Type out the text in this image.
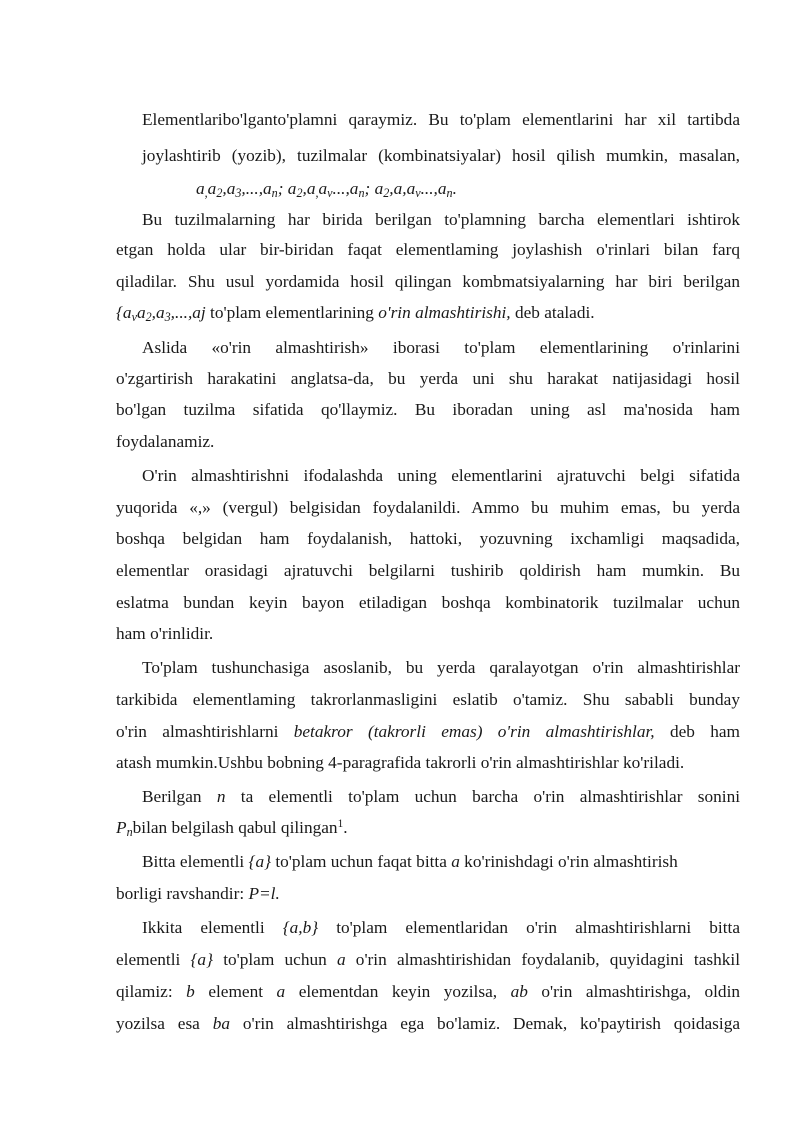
Elementlaribo'lganto'plamni qaraymiz. Bu to'plam elementlarini har xil tartibda
joylashtirib (yozib), tuzilmalar (kombinatsiyalar) hosil qilish mumkin, masalan,
$a_,a_2,a_3,...,a_n$; $a_2,a_,a_v...,a_n$; $a_2,a,a_v...,a_n$.
Bu tuzilmalarning har birida berilgan to'plamning barcha elementlari ishtirok
etgan holda ular bir-biridan faqat elementlaming joylashish o'rinlari bilan farq
qiladilar. Shu usul yordamida hosil qilingan kombmatsiyalarning har biri berilgan
{$a_va_2,a_3,...,aj$ to'plam elementlarining o'rin almashtirishi, deb ataladi.
Aslida «o'rin almashtirish» iborasi to'plam elementlarining o'rinlarini
o'zgartirish harakatini anglatsa-da, bu yerda uni shu harakat natijasidagi hosil
bo'lgan tuzilma sifatida qo'llaymiz. Bu iboradan uning asl ma'nosida ham
foydalanamiz.
O'rin almashtirishni ifodalashda uning elementlarini ajratuvchi belgi sifatida
yuqorida «,» (vergul) belgisidan foydalanildi. Ammo bu muhim emas, bu yerda
boshqa belgidan ham foydalanish, hattoki, yozuvning ixchamligi maqsadida,
elementlar orasidagi ajratuvchi belgilarni tushirib qoldirish ham mumkin. Bu
eslatma bundan keyin bayon etiladigan boshqa kombinatorik tuzilmalar uchun
ham o'rinlidir.
To'plam tushunchasiga asoslanib, bu yerda qaralayotgan o'rin almashtirishlar
tarkibida elementlaming takrorlanmasligini eslatib o'tamiz. Shu sababli bunday
o'rin almashtirishlarni betakror (takrorli emas) o'rin almashtirishlar, deb ham
atash mumkin.Ushbu bobning 4-paragrafida takrorli o'rin almashtirishlar ko'riladi.
Berilgan n ta elementli to'plam uchun barcha o'rin almashtirishlar sonini
$P_nbilan$ belgilash qabul qilingan$^1$.
Bitta elementli {a} to'plam uchun faqat bitta a ko'rinishdagi o'rin almashtirish
borligi ravshandir: P=l.
Ikkita elementli {a,b} to'plam elementlaridan o'rin almashtirishlarni bitta
elementli {a} to'plam uchun a o'rin almashtirishidan foydalanib, quyidagini tashkil
qilamiz: b element a elementdan keyin yozilsa, ab o'rin almashtirishga, oldin
yozilsa esa ba o'rin almashtirishga ega bo'lamiz. Demak, ko'paytirish qoidasiga
